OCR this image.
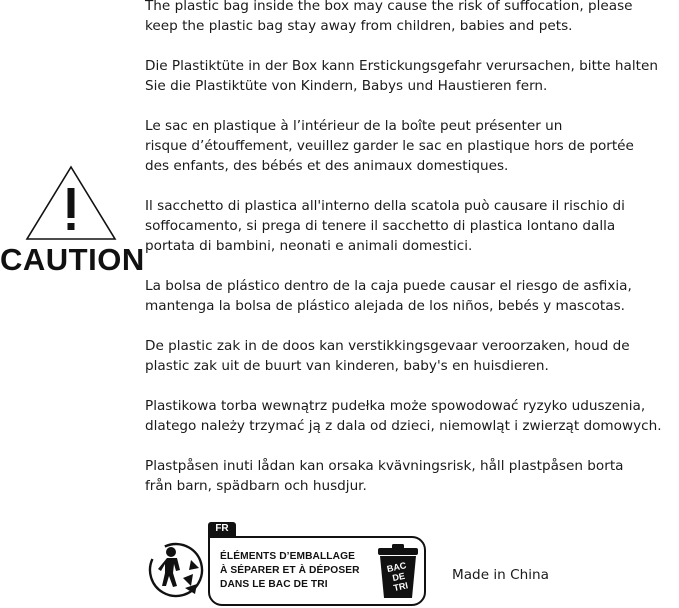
CAUTION

The plastic bag inside the box may cause the risk of suffocation, please
keep the plastic bag stay away from children, babies and pets.

Die Plastiktüte in der Box kann Erstickungsgefahr verursachen, bitte halten
Sie die Plastiktüte von Kindern, Babys und Haustieren fern.

Le sac en plastique à l’intérieur de la boîte peut présenter un
risque d’étouffement, veuillez garder le sac en plastique hors de portée
des enfants, des bébés et des animaux domestiques.

Il sacchetto di plastica all'interno della scatola può causare il rischio di
soffocamento, si prega di tenere il sacchetto di plastica lontano dalla
portata di bambini, neonati e animali domestici.

La bolsa de plástico dentro de la caja puede causar el riesgo de asfixia,
mantenga la bolsa de plástico alejada de los niños, bebés y mascotas.

De plastic zak in de doos kan verstikkingsgevaar veroorzaken, houd de
plastic zak uit de buurt van kinderen, baby's en huisdieren.

Plastikowa torba wewnątrz pudełka może spowodować ryzyko uduszenia,
dlatego należy trzymać ją z dala od dzieci, niemowląt i zwierząt domowych.

Plastpåsen inuti lådan kan orsaka kvävningsrisk, håll plastpåsen borta
från barn, spädbarn och husdjur.

FR
ÉLÉMENTS D’EMBALLAGE
À SÉPARER ET À DÉPOSER
DANS LE BAC DE TRI
BAC
DE
TRI
Made in China
